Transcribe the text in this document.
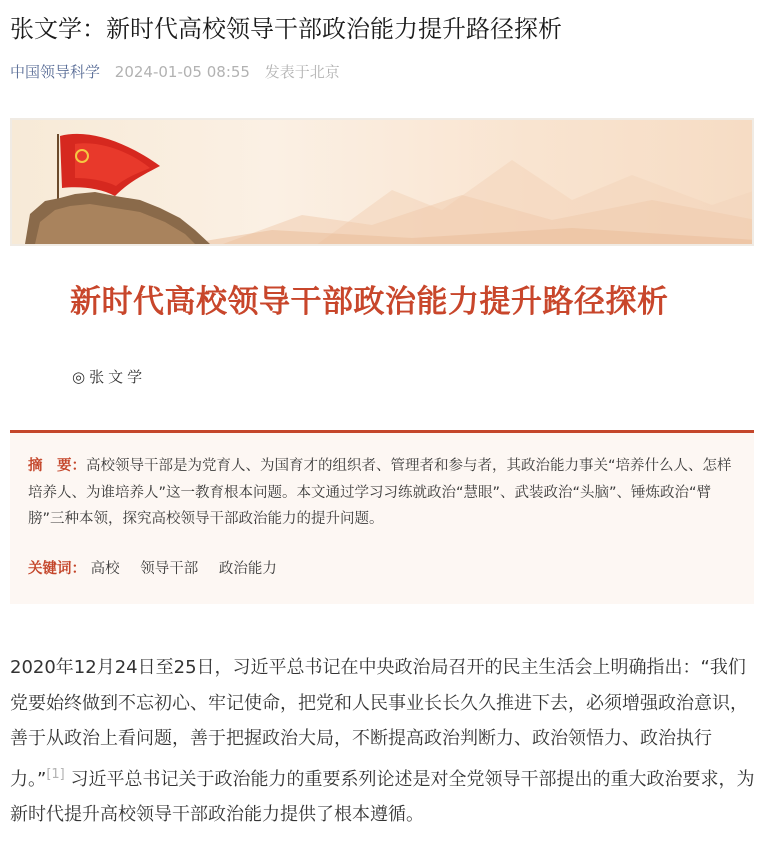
张文学：新时代高校领导干部政治能力提升路径探析
中国领导科学 2024-01-05 08:55 发表于北京
新时代高校领导干部政治能力提升路径探析
◎张文学

摘　要：高校领导干部是为党育人、为国育才的组织者、管理者和参与者，其政治能力事关“培养什么人、怎样培养人、为谁培养人”这一教育根本问题。本文通过学习习练就政治“慧眼”、武装政治“头脑”、锤炼政治“臂膀”三种本领，探究高校领导干部政治能力的提升问题。

关键词： 高校 领导干部 政治能力

2020年12月24日至25日，习近平总书记在中央政治局召开的民主生活会上明确指出：“我们党要始终做到不忘初心、牢记使命，把党和人民事业长长久久推进下去，必须增强政治意识，善于从政治上看问题，善于把握政治大局，不断提高政治判断力、政治领悟力、政治执行力。”[1] 习近平总书记关于政治能力的重要系列论述是对全党领导干部提出的重大政治要求，为新时代提升高校领导干部政治能力提供了根本遵循。
